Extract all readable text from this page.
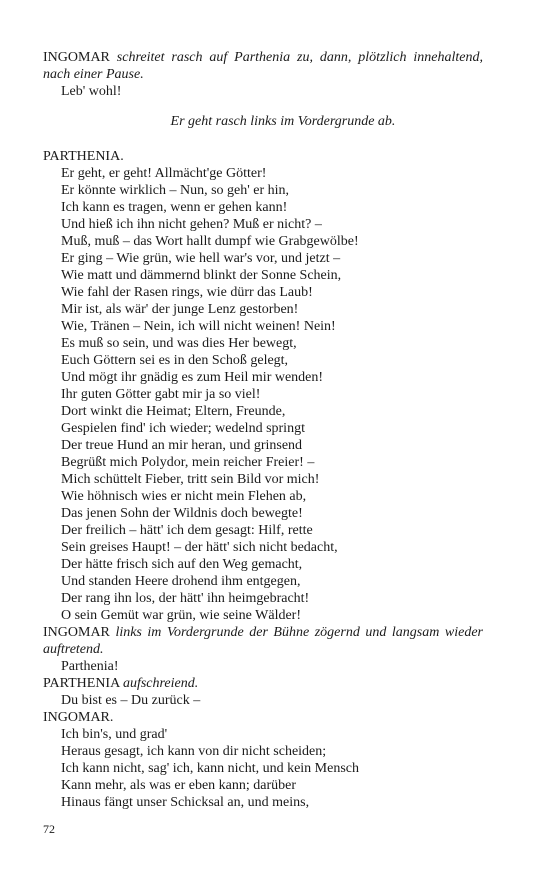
INGOMAR schreitet rasch auf Parthenia zu, dann, plötzlich innehaltend, nach einer Pause.

Leb' wohl!

Er geht rasch links im Vordergrunde ab.

PARTHENIA.

Er geht, er geht! Allmächt'ge Götter!

Er könnte wirklich – Nun, so geh' er hin,

Ich kann es tragen, wenn er gehen kann!

Und hieß ich ihn nicht gehen? Muß er nicht? –

Muß, muß – das Wort hallt dumpf wie Grabgewölbe!

Er ging – Wie grün, wie hell war's vor, und jetzt –

Wie matt und dämmernd blinkt der Sonne Schein,

Wie fahl der Rasen rings, wie dürr das Laub!

Mir ist, als wär' der junge Lenz gestorben!

Wie, Tränen – Nein, ich will nicht weinen! Nein!

Es muß so sein, und was dies Her bewegt,

Euch Göttern sei es in den Schoß gelegt,

Und mögt ihr gnädig es zum Heil mir wenden!

Ihr guten Götter gabt mir ja so viel!

Dort winkt die Heimat; Eltern, Freunde,

Gespielen find' ich wieder; wedelnd springt

Der treue Hund an mir heran, und grinsend

Begrüßt mich Polydor, mein reicher Freier! –

Mich schüttelt Fieber, tritt sein Bild vor mich!

Wie höhnisch wies er nicht mein Flehen ab,

Das jenen Sohn der Wildnis doch bewegte!

Der freilich – hätt' ich dem gesagt: Hilf, rette

Sein greises Haupt! – der hätt' sich nicht bedacht,

Der hätte frisch sich auf den Weg gemacht,

Und standen Heere drohend ihm entgegen,

Der rang ihn los, der hätt' ihn heimgebracht!

O sein Gemüt war grün, wie seine Wälder!

INGOMAR links im Vordergrunde der Bühne zögernd und langsam wieder auftretend.

Parthenia!

PARTHENIA aufschreiend.

Du bist es – Du zurück –

INGOMAR.

Ich bin's, und grad'

Heraus gesagt, ich kann von dir nicht scheiden;

Ich kann nicht, sag' ich, kann nicht, und kein Mensch

Kann mehr, als was er eben kann; darüber

Hinaus fängt unser Schicksal an, und meins,

72
